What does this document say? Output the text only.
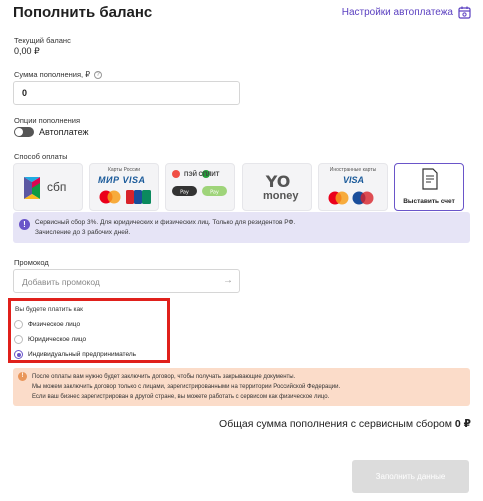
Пополнить баланс	Настройки автоплатежа
Текущий баланс
0,00 ₽
Сумма пополнения, ₽ ?
0
Опции пополнения
Автоплатеж
Способ оплаты
сбп
Карты России
МИР VISA	ПЭЙ СПЛИТ
Pay	Pay
YO
money
Иностранные карты
VISA
Выставить счет
!	Сервисный сбор 3%. Для юридических и физических лиц. Только для резидентов РФ.
Зачисление до 3 рабочих дней.
Промокод
Добавить промокод	→
Вы будете платить как
Физическое лицо
Юридическое лицо
Индивидуальный предприниматель
!	После оплаты вам нужно будет заключить договор, чтобы получать закрывающие документы.
Мы можем заключить договор только с лицами, зарегистрированными на территории Российской Федерации.
Если ваш бизнес зарегистрирован в другой стране, вы можете работать с сервисом как физическое лицо.
Общая сумма пополнения с сервисным сбором 0 ₽
Заполнить данные
